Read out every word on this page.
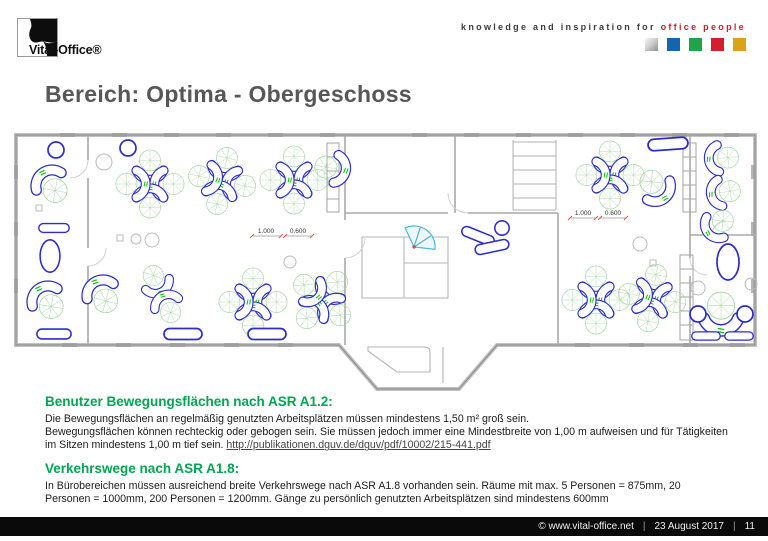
Vital-Office®
knowledge and inspiration for office people
Bereich: Optima - Obergeschoss
1.000 0.600
1.000 0.600

Benutzer Bewegungsflächen nach ASR A1.2:

Die Bewegungsflächen an regelmäßig genutzten Arbeitsplätzen müssen mindestens 1,50 m² groß sein.
Bewegungsflächen können rechteckig oder gebogen sein. Sie müssen jedoch immer eine Mindestbreite von 1,00 m aufweisen und für Tätigkeiten
im Sitzen mindestens 1,00 m tief sein. http://publikationen.dguv.de/dguv/pdf/10002/215-441.pdf

Verkehrswege nach ASR A1.8:

In Bürobereichen müssen ausreichend breite Verkehrswege nach ASR A1.8 vorhanden sein. Räume mit max. 5 Personen = 875mm, 20
Personen = 1000mm, 200 Personen = 1200mm. Gänge zu persönlich genutzten Arbeitsplätzen sind mindestens 600mm

© www.vital-office.net | 23 August 2017 | 11
